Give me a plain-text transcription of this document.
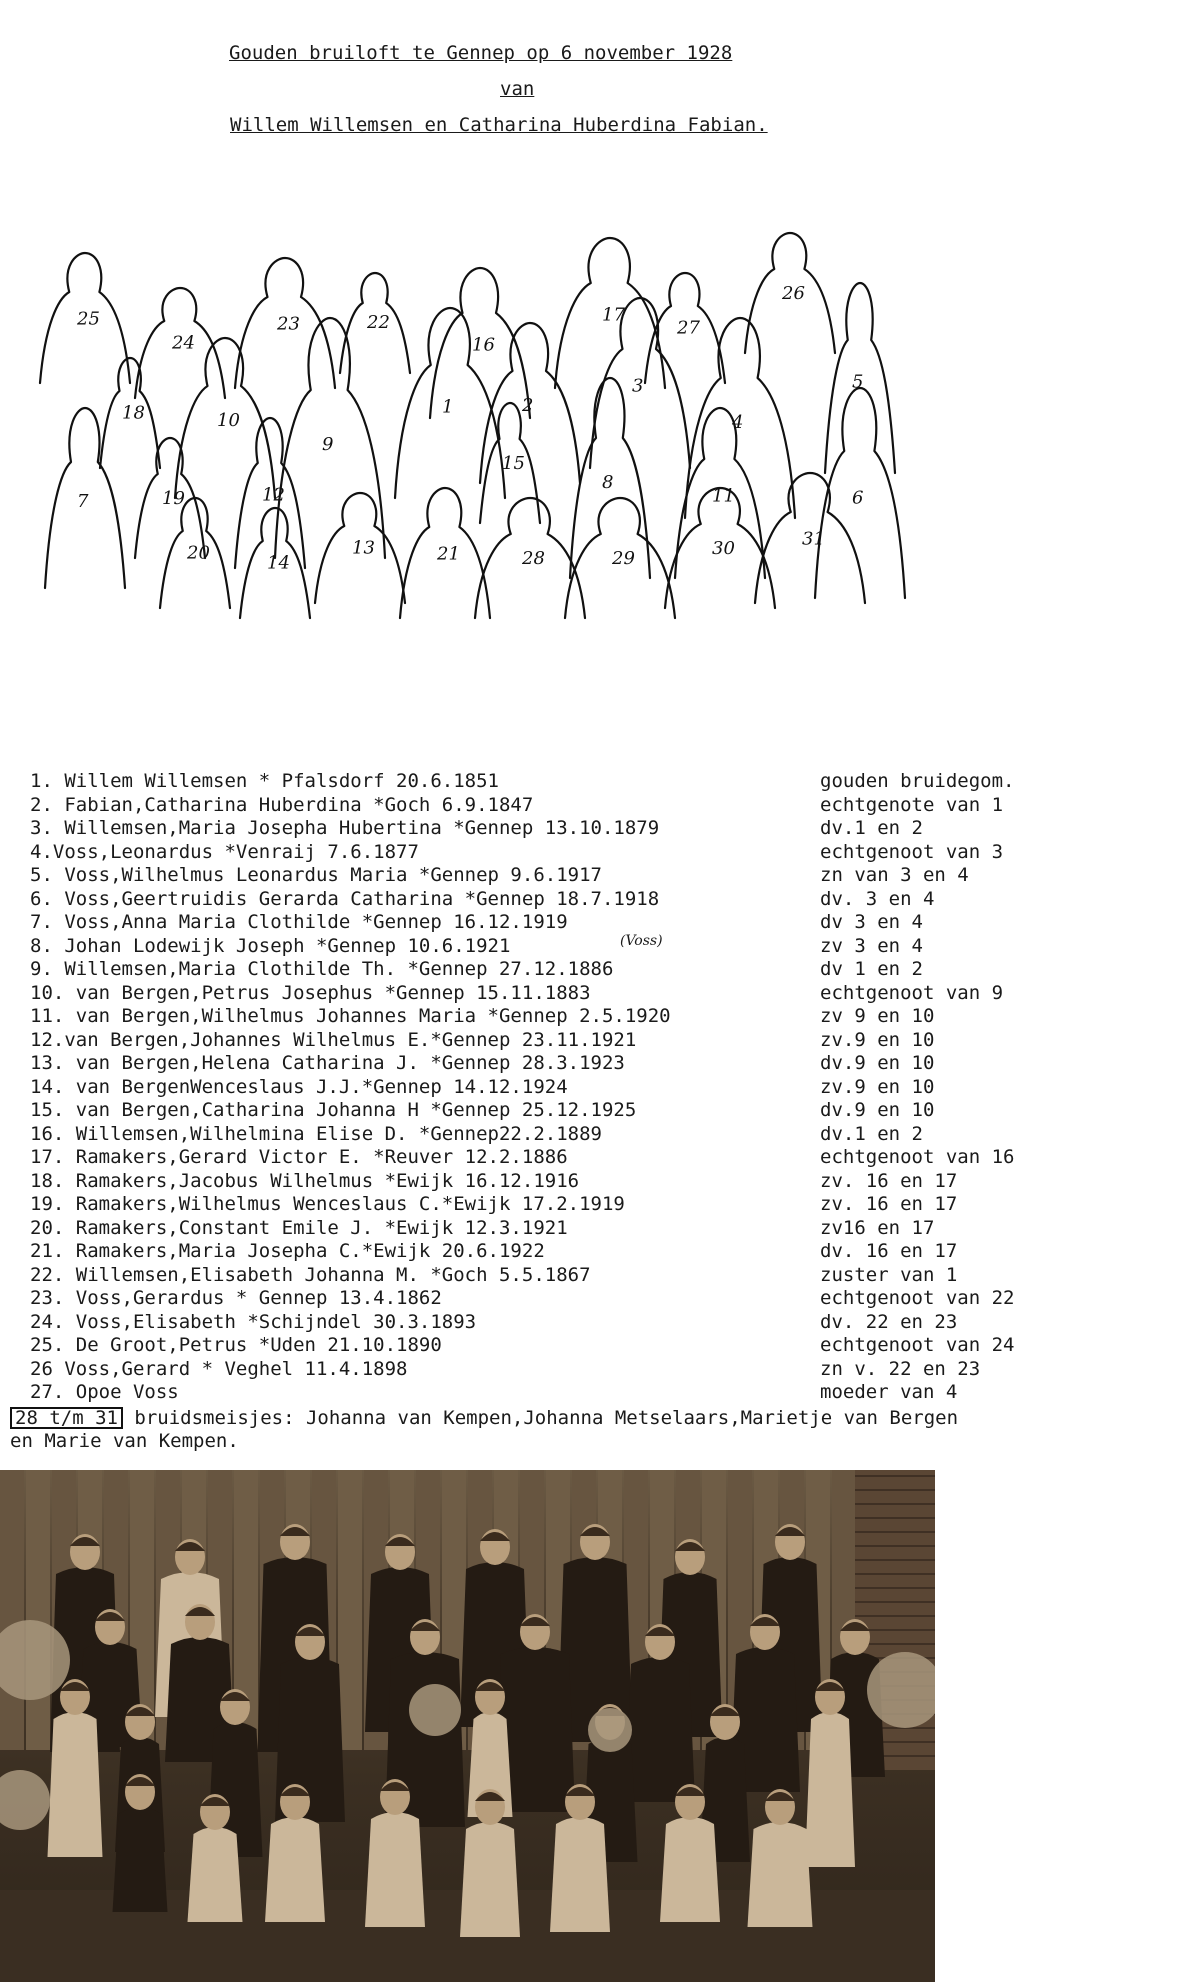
Gouden bruiloft te Gennep op 6 november 1928
van
Willem Willemsen en Catharina Huberdina Fabian.
25
24
23	22
16
17
27
26
5
18	10
9
1	2
3
4
6
7	19	12
15
8
11
20	14
13	21	28	29	30	31
1. Willem Willemsen * Pfalsdorf 20.6.1851	gouden bruidegom.
2. Fabian,Catharina Huberdina *Goch 6.9.1847	echtgenote van 1
3. Willemsen,Maria Josepha Hubertina *Gennep 13.10.1879	dv.1 en 2
4.Voss,Leonardus *Venraij 7.6.1877	echtgenoot van 3
5. Voss,Wilhelmus Leonardus Maria *Gennep 9.6.1917	zn van 3 en 4
6. Voss,Geertruidis Gerarda Catharina *Gennep 18.7.1918	dv. 3 en 4
7. Voss,Anna Maria Clothilde *Gennep 16.12.1919	dv 3 en 4
8. Johan Lodewijk Joseph *Gennep 10.6.1921	zv 3 en 4
(Voss)
9. Willemsen,Maria Clothilde Th. *Gennep 27.12.1886	dv 1 en 2
10. van Bergen,Petrus Josephus *Gennep 15.11.1883	echtgenoot van 9
11. van Bergen,Wilhelmus Johannes Maria *Gennep 2.5.1920	zv 9 en 10
12.van Bergen,Johannes Wilhelmus E.*Gennep 23.11.1921	zv.9 en 10
13. van Bergen,Helena Catharina J. *Gennep 28.3.1923	dv.9 en 10
14. van BergenWenceslaus J.J.*Gennep 14.12.1924	zv.9 en 10
15. van Bergen,Catharina Johanna H *Gennep 25.12.1925	dv.9 en 10
16. Willemsen,Wilhelmina Elise D. *Gennep22.2.1889	dv.1 en 2
17. Ramakers,Gerard Victor E. *Reuver 12.2.1886	echtgenoot van 16
18. Ramakers,Jacobus Wilhelmus *Ewijk 16.12.1916	zv. 16 en 17
19. Ramakers,Wilhelmus Wenceslaus C.*Ewijk 17.2.1919	zv. 16 en 17
20. Ramakers,Constant Emile J. *Ewijk 12.3.1921	zv16 en 17
21. Ramakers,Maria Josepha C.*Ewijk 20.6.1922	dv. 16 en 17
22. Willemsen,Elisabeth Johanna M. *Goch 5.5.1867	zuster van 1
23. Voss,Gerardus * Gennep 13.4.1862	echtgenoot van 22
24. Voss,Elisabeth *Schijndel 30.3.1893	dv. 22 en 23
25. De Groot,Petrus *Uden 21.10.1890	echtgenoot van 24
26 Voss,Gerard * Veghel 11.4.1898	zn v. 22 en 23
27. Opoe Voss	moeder van 4
28 t/m 31 bruidsmeisjes: Johanna van Kempen,Johanna Metselaars,Marietje van Bergen
en Marie van Kempen.
